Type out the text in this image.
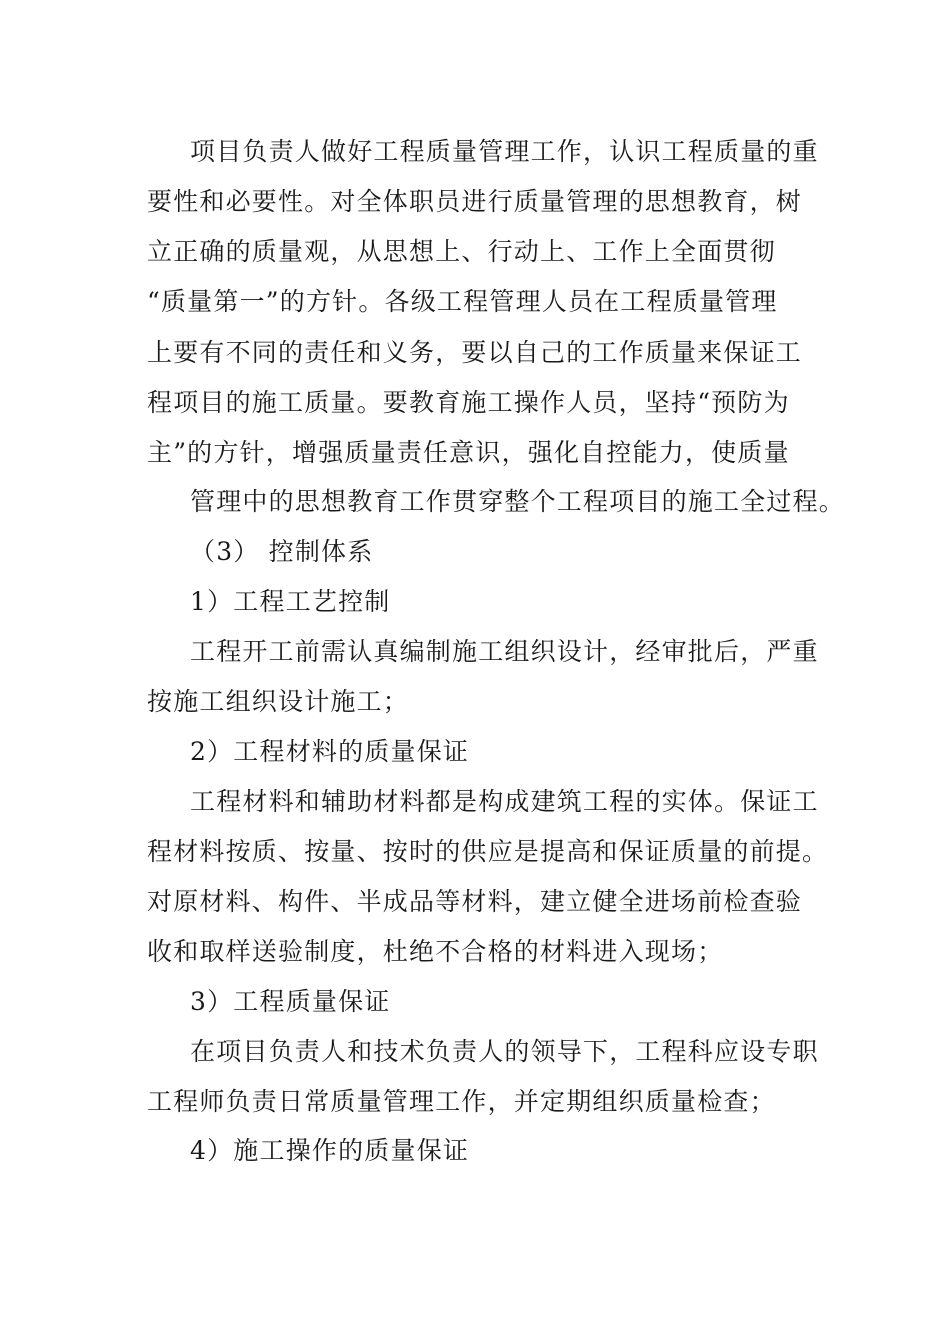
项目负责人做好工程质量管理工作，认识工程质量的重
要性和必要性。对全体职员进行质量管理的思想教育，树
立正确的质量观，从思想上、行动上、工作上全面贯彻
“质量第一”的方针。各级工程管理人员在工程质量管理
上要有不同的责任和义务，要以自己的工作质量来保证工
程项目的施工质量。要教育施工操作人员，坚持“预防为
主”的方针，增强质量责任意识，强化自控能力，使质量
管理中的思想教育工作贯穿整个工程项目的施工全过程。
（3） 控制体系
1）工程工艺控制
工程开工前需认真编制施工组织设计，经审批后，严重
按施工组织设计施工；
2）工程材料的质量保证
工程材料和辅助材料都是构成建筑工程的实体。保证工
程材料按质、按量、按时的供应是提高和保证质量的前提。
对原材料、构件、半成品等材料，建立健全进场前检查验
收和取样送验制度，杜绝不合格的材料进入现场；
3）工程质量保证
在项目负责人和技术负责人的领导下，工程科应设专职
工程师负责日常质量管理工作，并定期组织质量检查；
4）施工操作的质量保证
